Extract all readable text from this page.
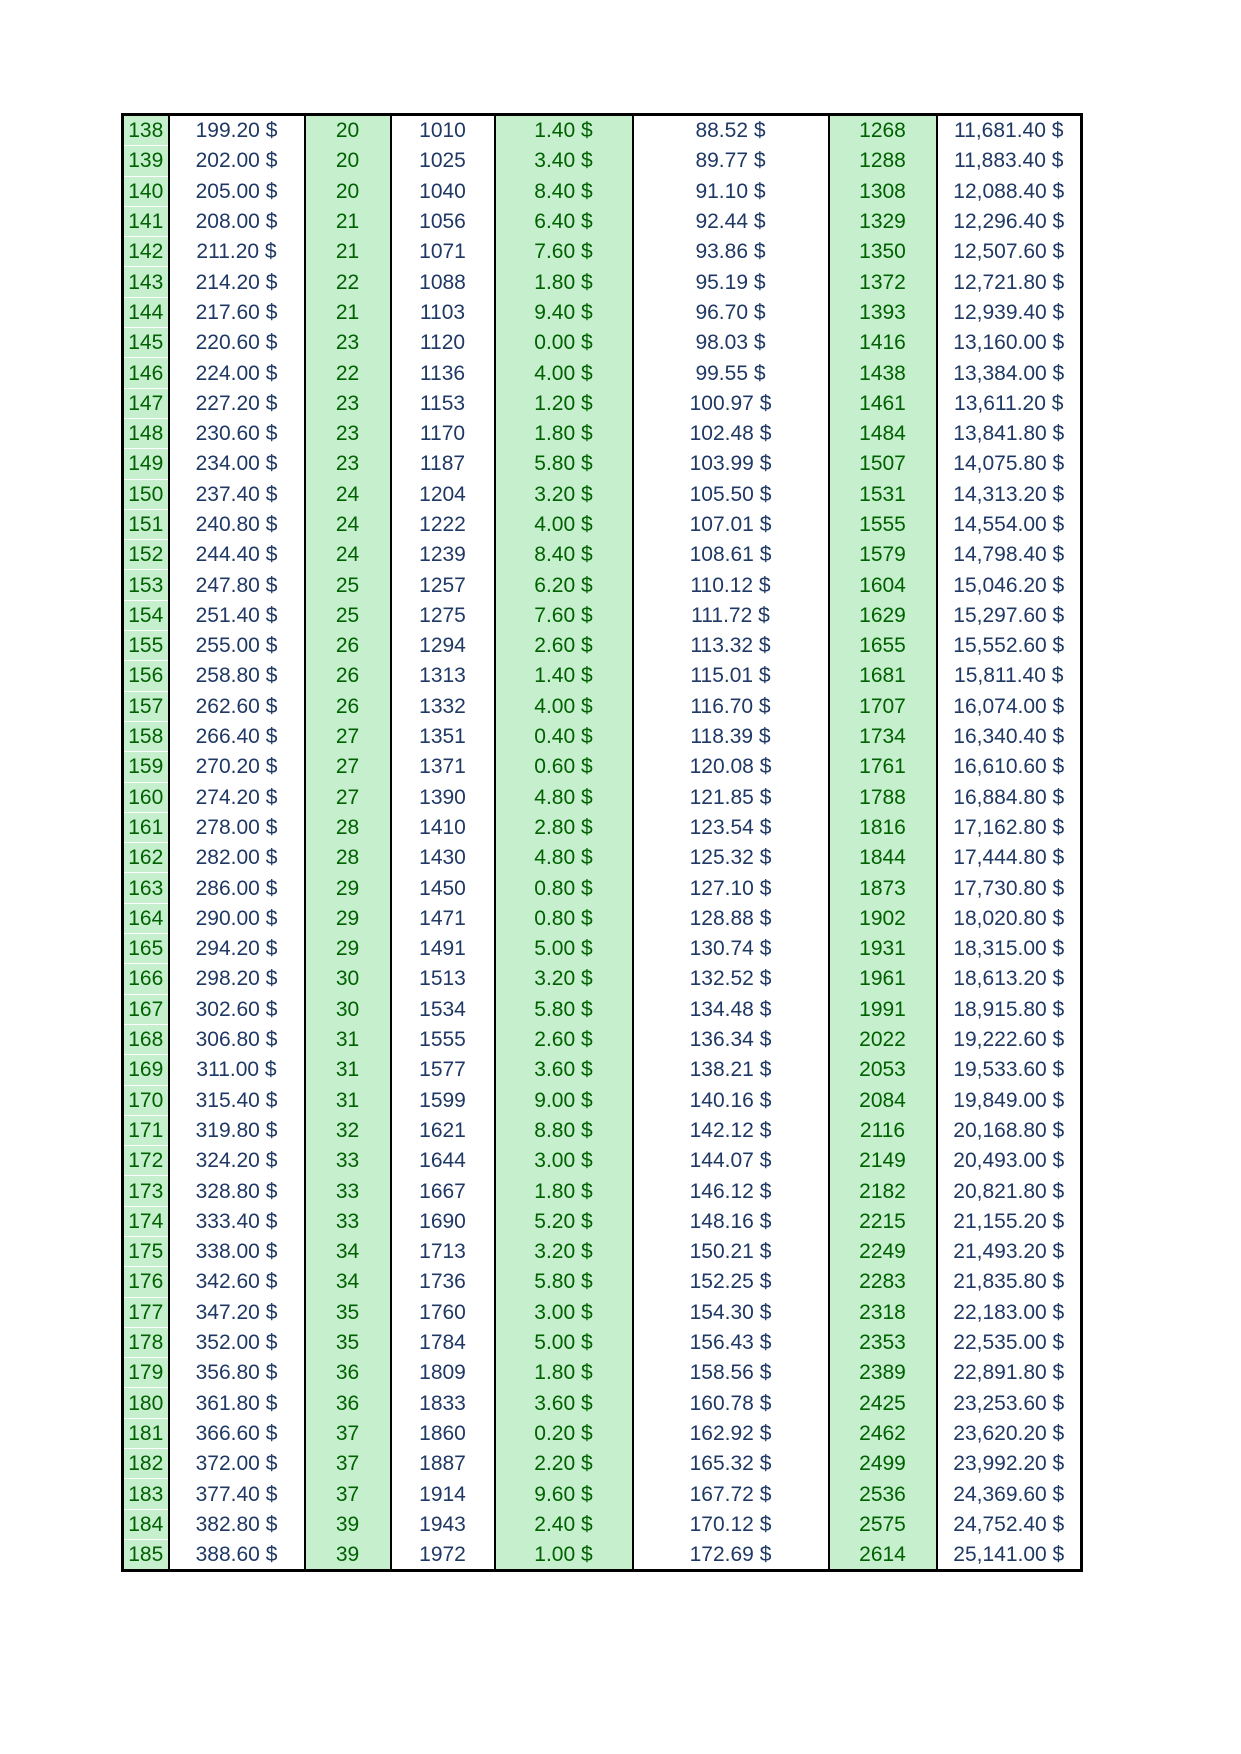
138	199.20 $	20	1010	1.40 $	88.52 $	1268	11,681.40 $
139	202.00 $	20	1025	3.40 $	89.77 $	1288	11,883.40 $
140	205.00 $	20	1040	8.40 $	91.10 $	1308	12,088.40 $
141	208.00 $	21	1056	6.40 $	92.44 $	1329	12,296.40 $
142	211.20 $	21	1071	7.60 $	93.86 $	1350	12,507.60 $
143	214.20 $	22	1088	1.80 $	95.19 $	1372	12,721.80 $
144	217.60 $	21	1103	9.40 $	96.70 $	1393	12,939.40 $
145	220.60 $	23	1120	0.00 $	98.03 $	1416	13,160.00 $
146	224.00 $	22	1136	4.00 $	99.55 $	1438	13,384.00 $
147	227.20 $	23	1153	1.20 $	100.97 $	1461	13,611.20 $
148	230.60 $	23	1170	1.80 $	102.48 $	1484	13,841.80 $
149	234.00 $	23	1187	5.80 $	103.99 $	1507	14,075.80 $
150	237.40 $	24	1204	3.20 $	105.50 $	1531	14,313.20 $
151	240.80 $	24	1222	4.00 $	107.01 $	1555	14,554.00 $
152	244.40 $	24	1239	8.40 $	108.61 $	1579	14,798.40 $
153	247.80 $	25	1257	6.20 $	110.12 $	1604	15,046.20 $
154	251.40 $	25	1275	7.60 $	111.72 $	1629	15,297.60 $
155	255.00 $	26	1294	2.60 $	113.32 $	1655	15,552.60 $
156	258.80 $	26	1313	1.40 $	115.01 $	1681	15,811.40 $
157	262.60 $	26	1332	4.00 $	116.70 $	1707	16,074.00 $
158	266.40 $	27	1351	0.40 $	118.39 $	1734	16,340.40 $
159	270.20 $	27	1371	0.60 $	120.08 $	1761	16,610.60 $
160	274.20 $	27	1390	4.80 $	121.85 $	1788	16,884.80 $
161	278.00 $	28	1410	2.80 $	123.54 $	1816	17,162.80 $
162	282.00 $	28	1430	4.80 $	125.32 $	1844	17,444.80 $
163	286.00 $	29	1450	0.80 $	127.10 $	1873	17,730.80 $
164	290.00 $	29	1471	0.80 $	128.88 $	1902	18,020.80 $
165	294.20 $	29	1491	5.00 $	130.74 $	1931	18,315.00 $
166	298.20 $	30	1513	3.20 $	132.52 $	1961	18,613.20 $
167	302.60 $	30	1534	5.80 $	134.48 $	1991	18,915.80 $
168	306.80 $	31	1555	2.60 $	136.34 $	2022	19,222.60 $
169	311.00 $	31	1577	3.60 $	138.21 $	2053	19,533.60 $
170	315.40 $	31	1599	9.00 $	140.16 $	2084	19,849.00 $
171	319.80 $	32	1621	8.80 $	142.12 $	2116	20,168.80 $
172	324.20 $	33	1644	3.00 $	144.07 $	2149	20,493.00 $
173	328.80 $	33	1667	1.80 $	146.12 $	2182	20,821.80 $
174	333.40 $	33	1690	5.20 $	148.16 $	2215	21,155.20 $
175	338.00 $	34	1713	3.20 $	150.21 $	2249	21,493.20 $
176	342.60 $	34	1736	5.80 $	152.25 $	2283	21,835.80 $
177	347.20 $	35	1760	3.00 $	154.30 $	2318	22,183.00 $
178	352.00 $	35	1784	5.00 $	156.43 $	2353	22,535.00 $
179	356.80 $	36	1809	1.80 $	158.56 $	2389	22,891.80 $
180	361.80 $	36	1833	3.60 $	160.78 $	2425	23,253.60 $
181	366.60 $	37	1860	0.20 $	162.92 $	2462	23,620.20 $
182	372.00 $	37	1887	2.20 $	165.32 $	2499	23,992.20 $
183	377.40 $	37	1914	9.60 $	167.72 $	2536	24,369.60 $
184	382.80 $	39	1943	2.40 $	170.12 $	2575	24,752.40 $
185	388.60 $	39	1972	1.00 $	172.69 $	2614	25,141.00 $
